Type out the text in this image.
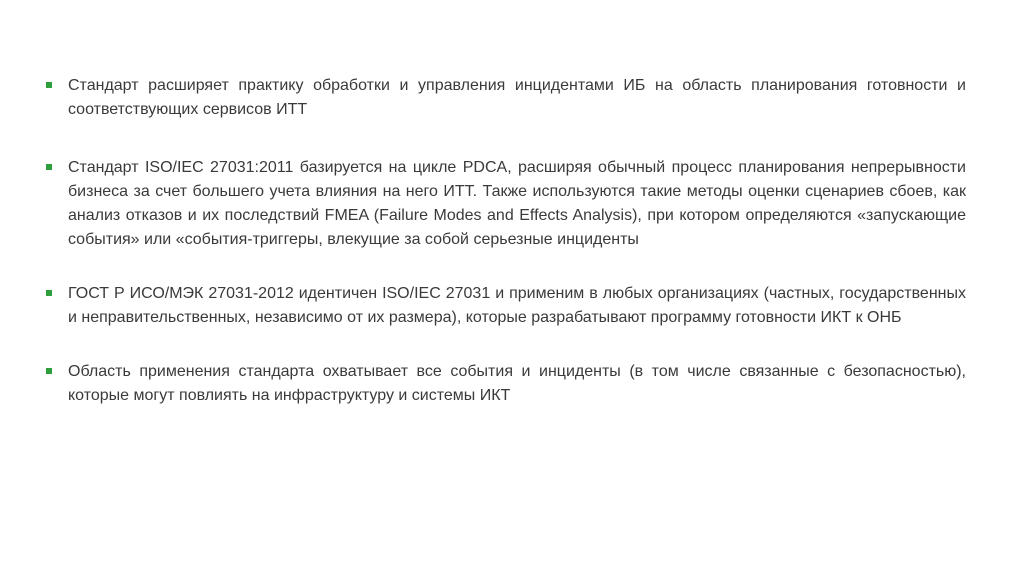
Стандарт расширяет практику обработки и управления инцидентами ИБ на область планирования готовности и соответствующих сервисов ИТТ
Стандарт ISO/IEC 27031:2011 базируется на цикле PDCA, расширяя обычный процесс планирования непрерывности бизнеса за счет большего учета влияния на него ИТТ. Также используются такие методы оценки сценариев сбоев, как анализ отказов и их последствий FMEA (Failure Modes and Effects Analysis), при котором определяются «запускающие события» или «события-триггеры, влекущие за собой серьезные инциденты
ГОСТ Р ИСО/МЭК 27031-2012 идентичен ISO/IEC 27031 и применим в любых организациях (частных, государственных и неправительственных, независимо от их размера), которые разрабатывают программу готовности ИКТ к ОНБ
Область применения стандарта охватывает все события и инциденты (в том числе связанные с безопасностью), которые могут повлиять на инфраструктуру и системы ИКТ
